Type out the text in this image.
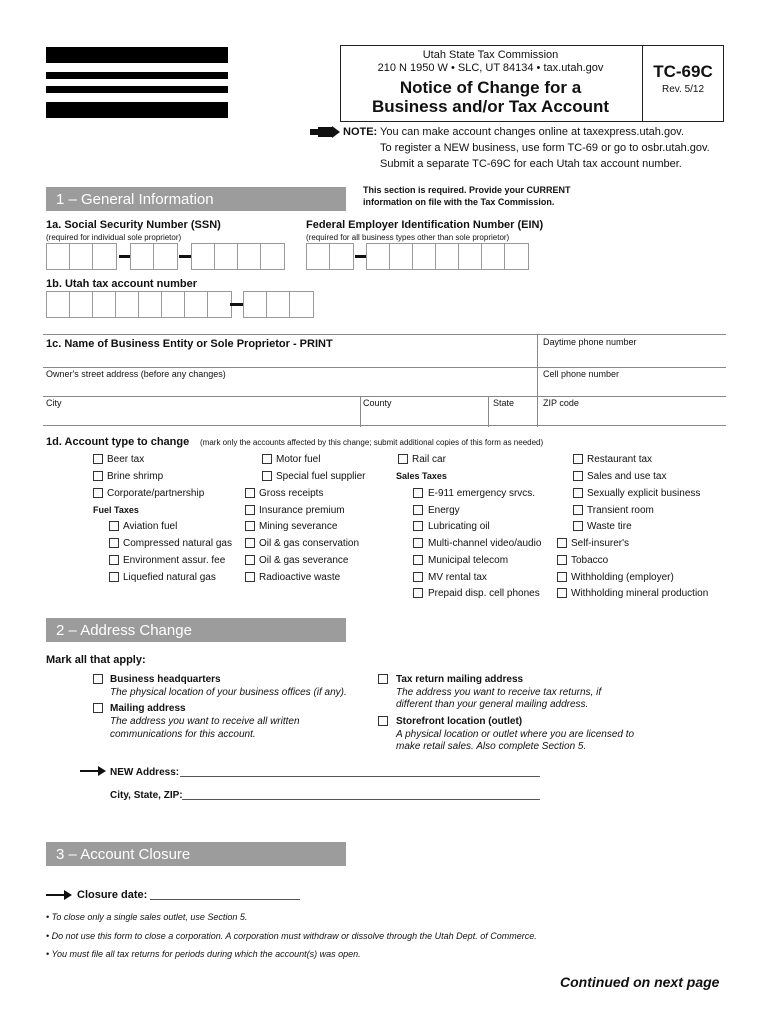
Utah State Tax Commission
210 N 1950 W • SLC, UT 84134 • tax.utah.gov
Notice of Change for a
Business and/or Tax Account
TC-69C
Rev. 5/12
NOTE: You can make account changes online at taxexpress.utah.gov.
To register a NEW business, use form TC-69 or go to osbr.utah.gov.
Submit a separate TC-69C for each Utah tax account number.
1 – General Information
This section is required. Provide your CURRENT
information on file with the Tax Commission.
1a. Social Security Number (SSN)
(required for individual sole proprietor)
Federal Employer Identification Number (EIN)
(required for all business types other than sole proprietor)
1b. Utah tax account number
1c. Name of Business Entity or Sole Proprietor - PRINT	Daytime phone number
Owner's street address (before any changes)	Cell phone number
City	County	State	ZIP code
1d. Account type to change (mark only the accounts affected by this change; submit additional copies of this form as needed)
Beer tax
Brine shrimp
Corporate/partnership
Fuel Taxes
Aviation fuel
Compressed natural gas
Environment assur. fee
Liquefied natural gas
Motor fuel
Special fuel supplier
Gross receipts
Insurance premium
Mining severance
Oil & gas conservation
Oil & gas severance
Radioactive waste
Rail car
Sales Taxes
E-911 emergency srvcs.
Energy
Lubricating oil
Multi-channel video/audio
Municipal telecom
MV rental tax
Prepaid disp. cell phones
Restaurant tax
Sales and use tax
Sexually explicit business
Transient room
Waste tire
Self-insurer's
Tobacco
Withholding (employer)
Withholding mineral production
2 – Address Change
Mark all that apply:
Business headquarters
The physical location of your business offices (if any).
Mailing address
The address you want to receive all written
communications for this account.
Tax return mailing address
The address you want to receive tax returns, if
different than your general mailing address.
Storefront location (outlet)
A physical location or outlet where you are licensed to
make retail sales. Also complete Section 5.
NEW Address:
City, State, ZIP:
3 – Account Closure
Closure date:
• To close only a single sales outlet, use Section 5.
• Do not use this form to close a corporation. A corporation must withdraw or dissolve through the Utah Dept. of Commerce.
• You must file all tax returns for periods during which the account(s) was open.
Continued on next page
